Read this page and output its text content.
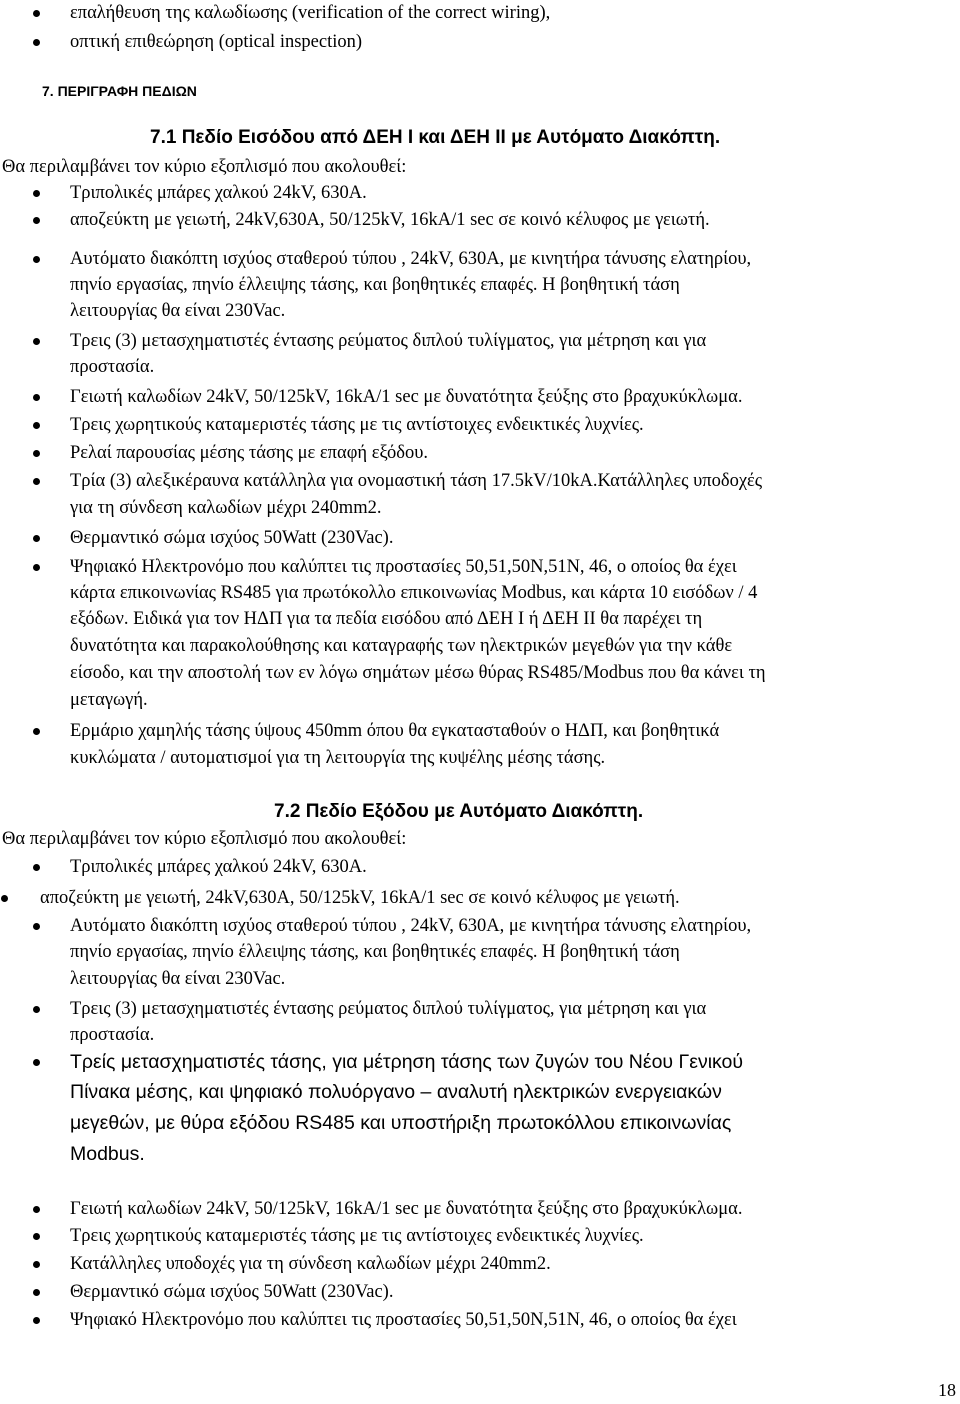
επαλήθευση της καλωδίωσης (verification of the correct wiring),
οπτική επιθεώρηση (optical inspection)
7. ΠΕΡΙΓΡΑΦΗ ΠΕΔΙΩΝ
7.1 Πεδίο Εισόδου από ΔΕΗ Ι και ΔΕΗ ΙΙ με Αυτόματο Διακόπτη.
Θα περιλαμβάνει τον κύριο εξοπλισμό που ακολουθεί:
Τριπολικές μπάρες χαλκού 24kV, 630A.
αποζεύκτη με γειωτή, 24kV,630A, 50/125kV, 16kA/1 sec σε κοινό κέλυφος με γειωτή.
Αυτόματο διακόπτη ισχύος σταθερού τύπου , 24kV, 630A, με κινητήρα τάνυσης ελατηρίου,
πηνίο εργασίας, πηνίο έλλειψης τάσης, και βοηθητικές επαφές. Η βοηθητική τάση
λειτουργίας θα είναι 230Vac.
Τρεις (3) μετασχηματιστές έντασης ρεύματος διπλού τυλίγματος, για μέτρηση και για
προστασία.
Γειωτή καλωδίων 24kV, 50/125kV, 16kA/1 sec με δυνατότητα ξεύξης στο βραχυκύκλωμα.
Τρεις χωρητικούς καταμεριστές τάσης με τις αντίστοιχες ενδεικτικές λυχνίες.
Ρελαί παρουσίας μέσης τάσης με επαφή εξόδου.
Τρία (3) αλεξικέραυνα κατάλληλα για ονομαστική τάση 17.5kV/10kA.Κατάλληλες υποδοχές
για τη σύνδεση καλωδίων μέχρι 240mm2.
Θερμαντικό σώμα ισχύος 50Watt (230Vac).
Ψηφιακό Ηλεκτρονόμο που καλύπτει τις προστασίες 50,51,50N,51N, 46, ο οποίος θα έχει
κάρτα επικοινωνίας RS485 για πρωτόκολλο επικοινωνίας Modbus, και κάρτα 10 εισόδων / 4
εξόδων. Ειδικά για τον ΗΔΠ για τα πεδία εισόδου από ΔΕΗ Ι ή ΔΕΗ ΙΙ θα παρέχει τη
δυνατότητα και παρακολούθησης και καταγραφής των ηλεκτρικών μεγεθών για την κάθε
είσοδο, και την αποστολή των εν λόγω σημάτων μέσω θύρας RS485/Modbus που θα κάνει τη
μεταγωγή.
Ερμάριο χαμηλής τάσης ύψους 450mm όπου θα εγκατασταθούν ο ΗΔΠ, και βοηθητικά
κυκλώματα / αυτοματισμοί για τη λειτουργία της κυψέλης μέσης τάσης.
7.2 Πεδίο Εξόδου με Αυτόματο Διακόπτη.
Θα περιλαμβάνει τον κύριο εξοπλισμό που ακολουθεί:
Τριπολικές μπάρες χαλκού 24kV, 630A.
αποζεύκτη με γειωτή, 24kV,630A, 50/125kV, 16kA/1 sec σε κοινό κέλυφος με γειωτή.
Αυτόματο διακόπτη ισχύος σταθερού τύπου , 24kV, 630A, με κινητήρα τάνυσης ελατηρίου,
πηνίο εργασίας, πηνίο έλλειψης τάσης, και βοηθητικές επαφές. Η βοηθητική τάση
λειτουργίας θα είναι 230Vac.
Τρεις (3) μετασχηματιστές έντασης ρεύματος διπλού τυλίγματος, για μέτρηση και για
προστασία.
Τρείς μετασχηματιστές τάσης, για μέτρηση τάσης των ζυγών του Νέου Γενικού
Πίνακα μέσης, και ψηφιακό πολυόργανο – αναλυτή ηλεκτρικών ενεργειακών
μεγεθών, με θύρα εξόδου RS485 και υποστήριξη πρωτοκόλλου επικοινωνίας
Modbus.
Γειωτή καλωδίων 24kV, 50/125kV, 16kA/1 sec με δυνατότητα ξεύξης στο βραχυκύκλωμα.
Τρεις χωρητικούς καταμεριστές τάσης με τις αντίστοιχες ενδεικτικές λυχνίες.
Κατάλληλες υποδοχές για τη σύνδεση καλωδίων μέχρι 240mm2.
Θερμαντικό σώμα ισχύος 50Watt (230Vac).
Ψηφιακό Ηλεκτρονόμο που καλύπτει τις προστασίες 50,51,50N,51N, 46, ο οποίος θα έχει
18
